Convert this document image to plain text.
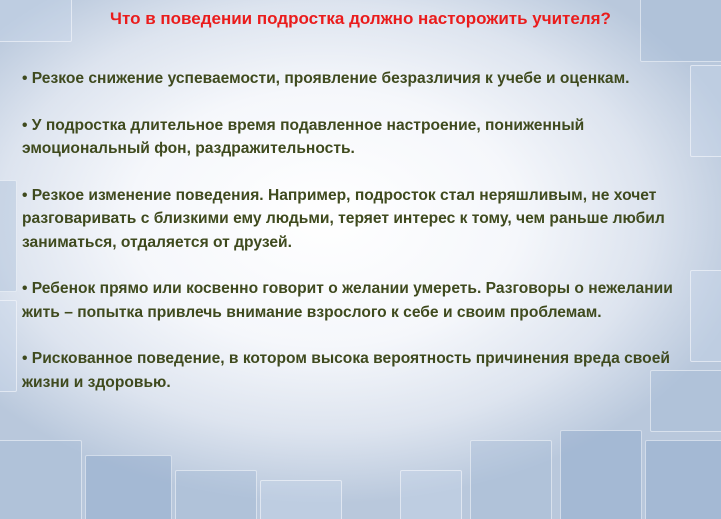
Что в поведении подростка должно насторожить учителя?

• Резкое снижение успеваемости, проявление безразличия к учебе и оценкам.

• У подростка длительное время подавленное настроение, пониженный эмоциональный фон, раздражительность.

• Резкое изменение поведения. Например, подросток стал неряшливым, не хочет разговаривать с близкими ему людьми, теряет интерес к тому, чем раньше любил заниматься, отдаляется от друзей.

• Ребенок прямо или косвенно говорит о желании умереть. Разговоры о нежелании жить – попытка привлечь внимание взрослого к себе и своим проблемам.

• Рискованное поведение, в котором высока вероятность причинения вреда своей жизни и здоровью.
